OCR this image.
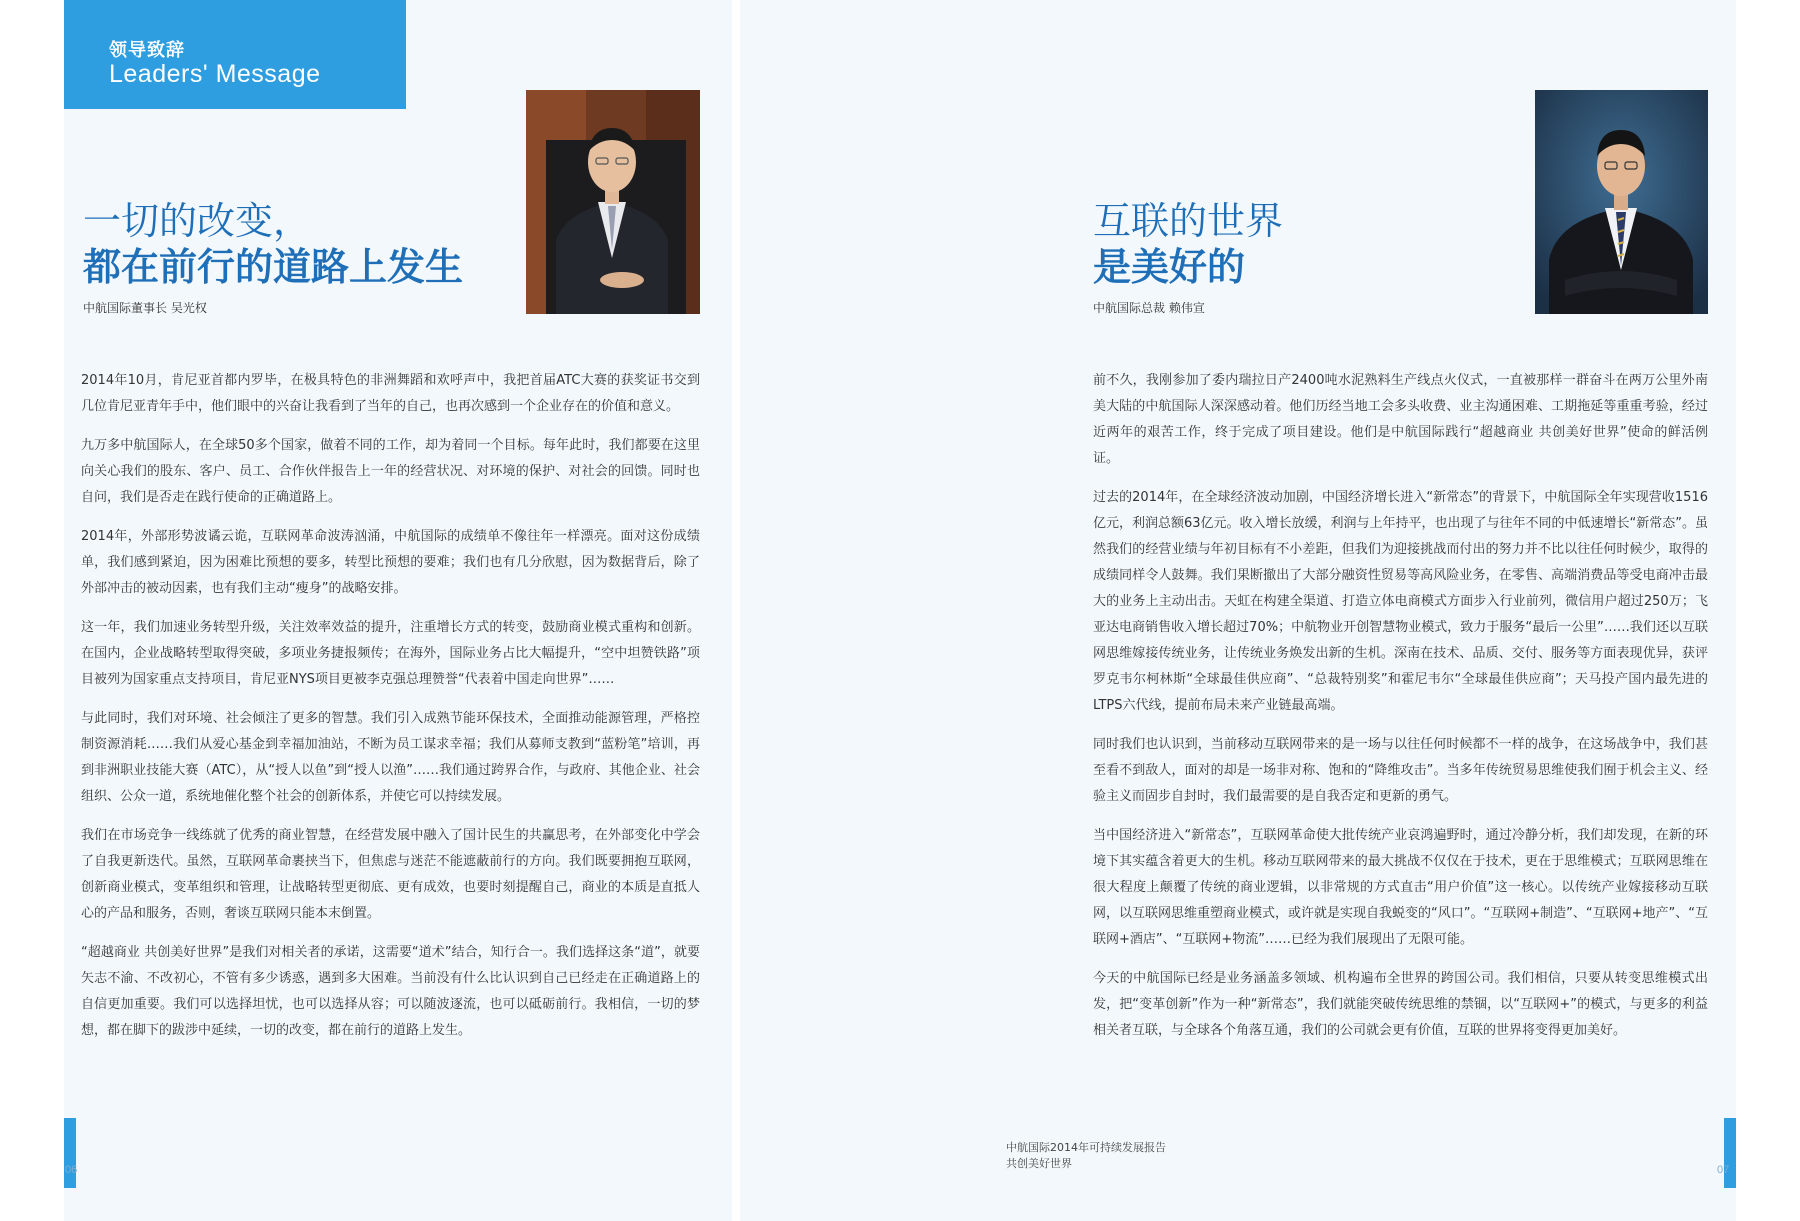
领导致辞
Leaders' Message
一切的改变，
都在前行的道路上发生
中航国际董事长 吴光权

2014年10月，肯尼亚首都内罗毕，在极具特色的非洲舞蹈和欢呼声中，我把首届ATC大赛的获奖证书交到几位肯尼亚青年手中，他们眼中的兴奋让我看到了当年的自己，也再次感到一个企业存在的价值和意义。

九万多中航国际人，在全球50多个国家，做着不同的工作，却为着同一个目标。每年此时，我们都要在这里向关心我们的股东、客户、员工、合作伙伴报告上一年的经营状况、对环境的保护、对社会的回馈。同时也自问，我们是否走在践行使命的正确道路上。

2014年，外部形势波谲云诡，互联网革命波涛汹涌，中航国际的成绩单不像往年一样漂亮。面对这份成绩单，我们感到紧迫，因为困难比预想的要多，转型比预想的要难；我们也有几分欣慰，因为数据背后，除了外部冲击的被动因素，也有我们主动“瘦身”的战略安排。

这一年，我们加速业务转型升级，关注效率效益的提升，注重增长方式的转变，鼓励商业模式重构和创新。在国内，企业战略转型取得突破，多项业务捷报频传；在海外，国际业务占比大幅提升，“空中坦赞铁路”项目被列为国家重点支持项目，肯尼亚NYS项目更被李克强总理赞誉“代表着中国走向世界”……

与此同时，我们对环境、社会倾注了更多的智慧。我们引入成熟节能环保技术，全面推动能源管理，严格控制资源消耗……我们从爱心基金到幸福加油站，不断为员工谋求幸福；我们从募师支教到“蓝粉笔”培训，再到非洲职业技能大赛（ATC），从“授人以鱼”到“授人以渔”……我们通过跨界合作，与政府、其他企业、社会组织、公众一道，系统地催化整个社会的创新体系，并使它可以持续发展。

我们在市场竞争一线练就了优秀的商业智慧，在经营发展中融入了国计民生的共赢思考，在外部变化中学会了自我更新迭代。虽然，互联网革命裹挟当下，但焦虑与迷茫不能遮蔽前行的方向。我们既要拥抱互联网，创新商业模式，变革组织和管理，让战略转型更彻底、更有成效，也要时刻提醒自己，商业的本质是直抵人心的产品和服务，否则，奢谈互联网只能本末倒置。

“超越商业 共创美好世界”是我们对相关者的承诺，这需要“道术”结合，知行合一。我们选择这条“道”，就要矢志不渝、不改初心，不管有多少诱惑，遇到多大困难。当前没有什么比认识到自己已经走在正确道路上的自信更加重要。我们可以选择坦忧，也可以选择从容；可以随波逐流，也可以砥砺前行。我相信，一切的梦想，都在脚下的跋涉中延续，一切的改变，都在前行的道路上发生。

06
互联的世界
是美好的
中航国际总裁 赖伟宣

前不久，我刚参加了委内瑞拉日产2400吨水泥熟料生产线点火仪式，一直被那样一群奋斗在两万公里外南美大陆的中航国际人深深感动着。他们历经当地工会多头收费、业主沟通困难、工期拖延等重重考验，经过近两年的艰苦工作，终于完成了项目建设。他们是中航国际践行“超越商业 共创美好世界”使命的鲜活例证。

过去的2014年，在全球经济波动加剧，中国经济增长进入“新常态”的背景下，中航国际全年实现营收1516亿元，利润总额63亿元。收入增长放缓，利润与上年持平，也出现了与往年不同的中低速增长“新常态”。虽然我们的经营业绩与年初目标有不小差距，但我们为迎接挑战而付出的努力并不比以往任何时候少，取得的成绩同样令人鼓舞。我们果断撤出了大部分融资性贸易等高风险业务，在零售、高端消费品等受电商冲击最大的业务上主动出击。天虹在构建全渠道、打造立体电商模式方面步入行业前列，微信用户超过250万；飞亚达电商销售收入增长超过70%；中航物业开创智慧物业模式，致力于服务“最后一公里”……我们还以互联网思维嫁接传统业务，让传统业务焕发出新的生机。深南在技术、品质、交付、服务等方面表现优异，获评罗克韦尔柯林斯“全球最佳供应商”、“总裁特别奖”和霍尼韦尔“全球最佳供应商”；天马投产国内最先进的LTPS六代线，提前布局未来产业链最高端。

同时我们也认识到，当前移动互联网带来的是一场与以往任何时候都不一样的战争，在这场战争中，我们甚至看不到敌人，面对的却是一场非对称、饱和的“降维攻击”。当多年传统贸易思维使我们囿于机会主义、经验主义而固步自封时，我们最需要的是自我否定和更新的勇气。

当中国经济进入“新常态”，互联网革命使大批传统产业哀鸿遍野时，通过冷静分析，我们却发现，在新的环境下其实蕴含着更大的生机。移动互联网带来的最大挑战不仅仅在于技术，更在于思维模式；互联网思维在很大程度上颠覆了传统的商业逻辑，以非常规的方式直击“用户价值”这一核心。以传统产业嫁接移动互联网，以互联网思维重塑商业模式，或许就是实现自我蜕变的“风口”。“互联网+制造”、“互联网+地产”、“互联网+酒店”、“互联网+物流”……已经为我们展现出了无限可能。

今天的中航国际已经是业务涵盖多领域、机构遍布全世界的跨国公司。我们相信，只要从转变思维模式出发，把“变革创新”作为一种“新常态”，我们就能突破传统思维的禁锢，以“互联网+”的模式，与更多的利益相关者互联，与全球各个角落互通，我们的公司就会更有价值，互联的世界将变得更加美好。

中航国际2014年可持续发展报告
共创美好世界	07
